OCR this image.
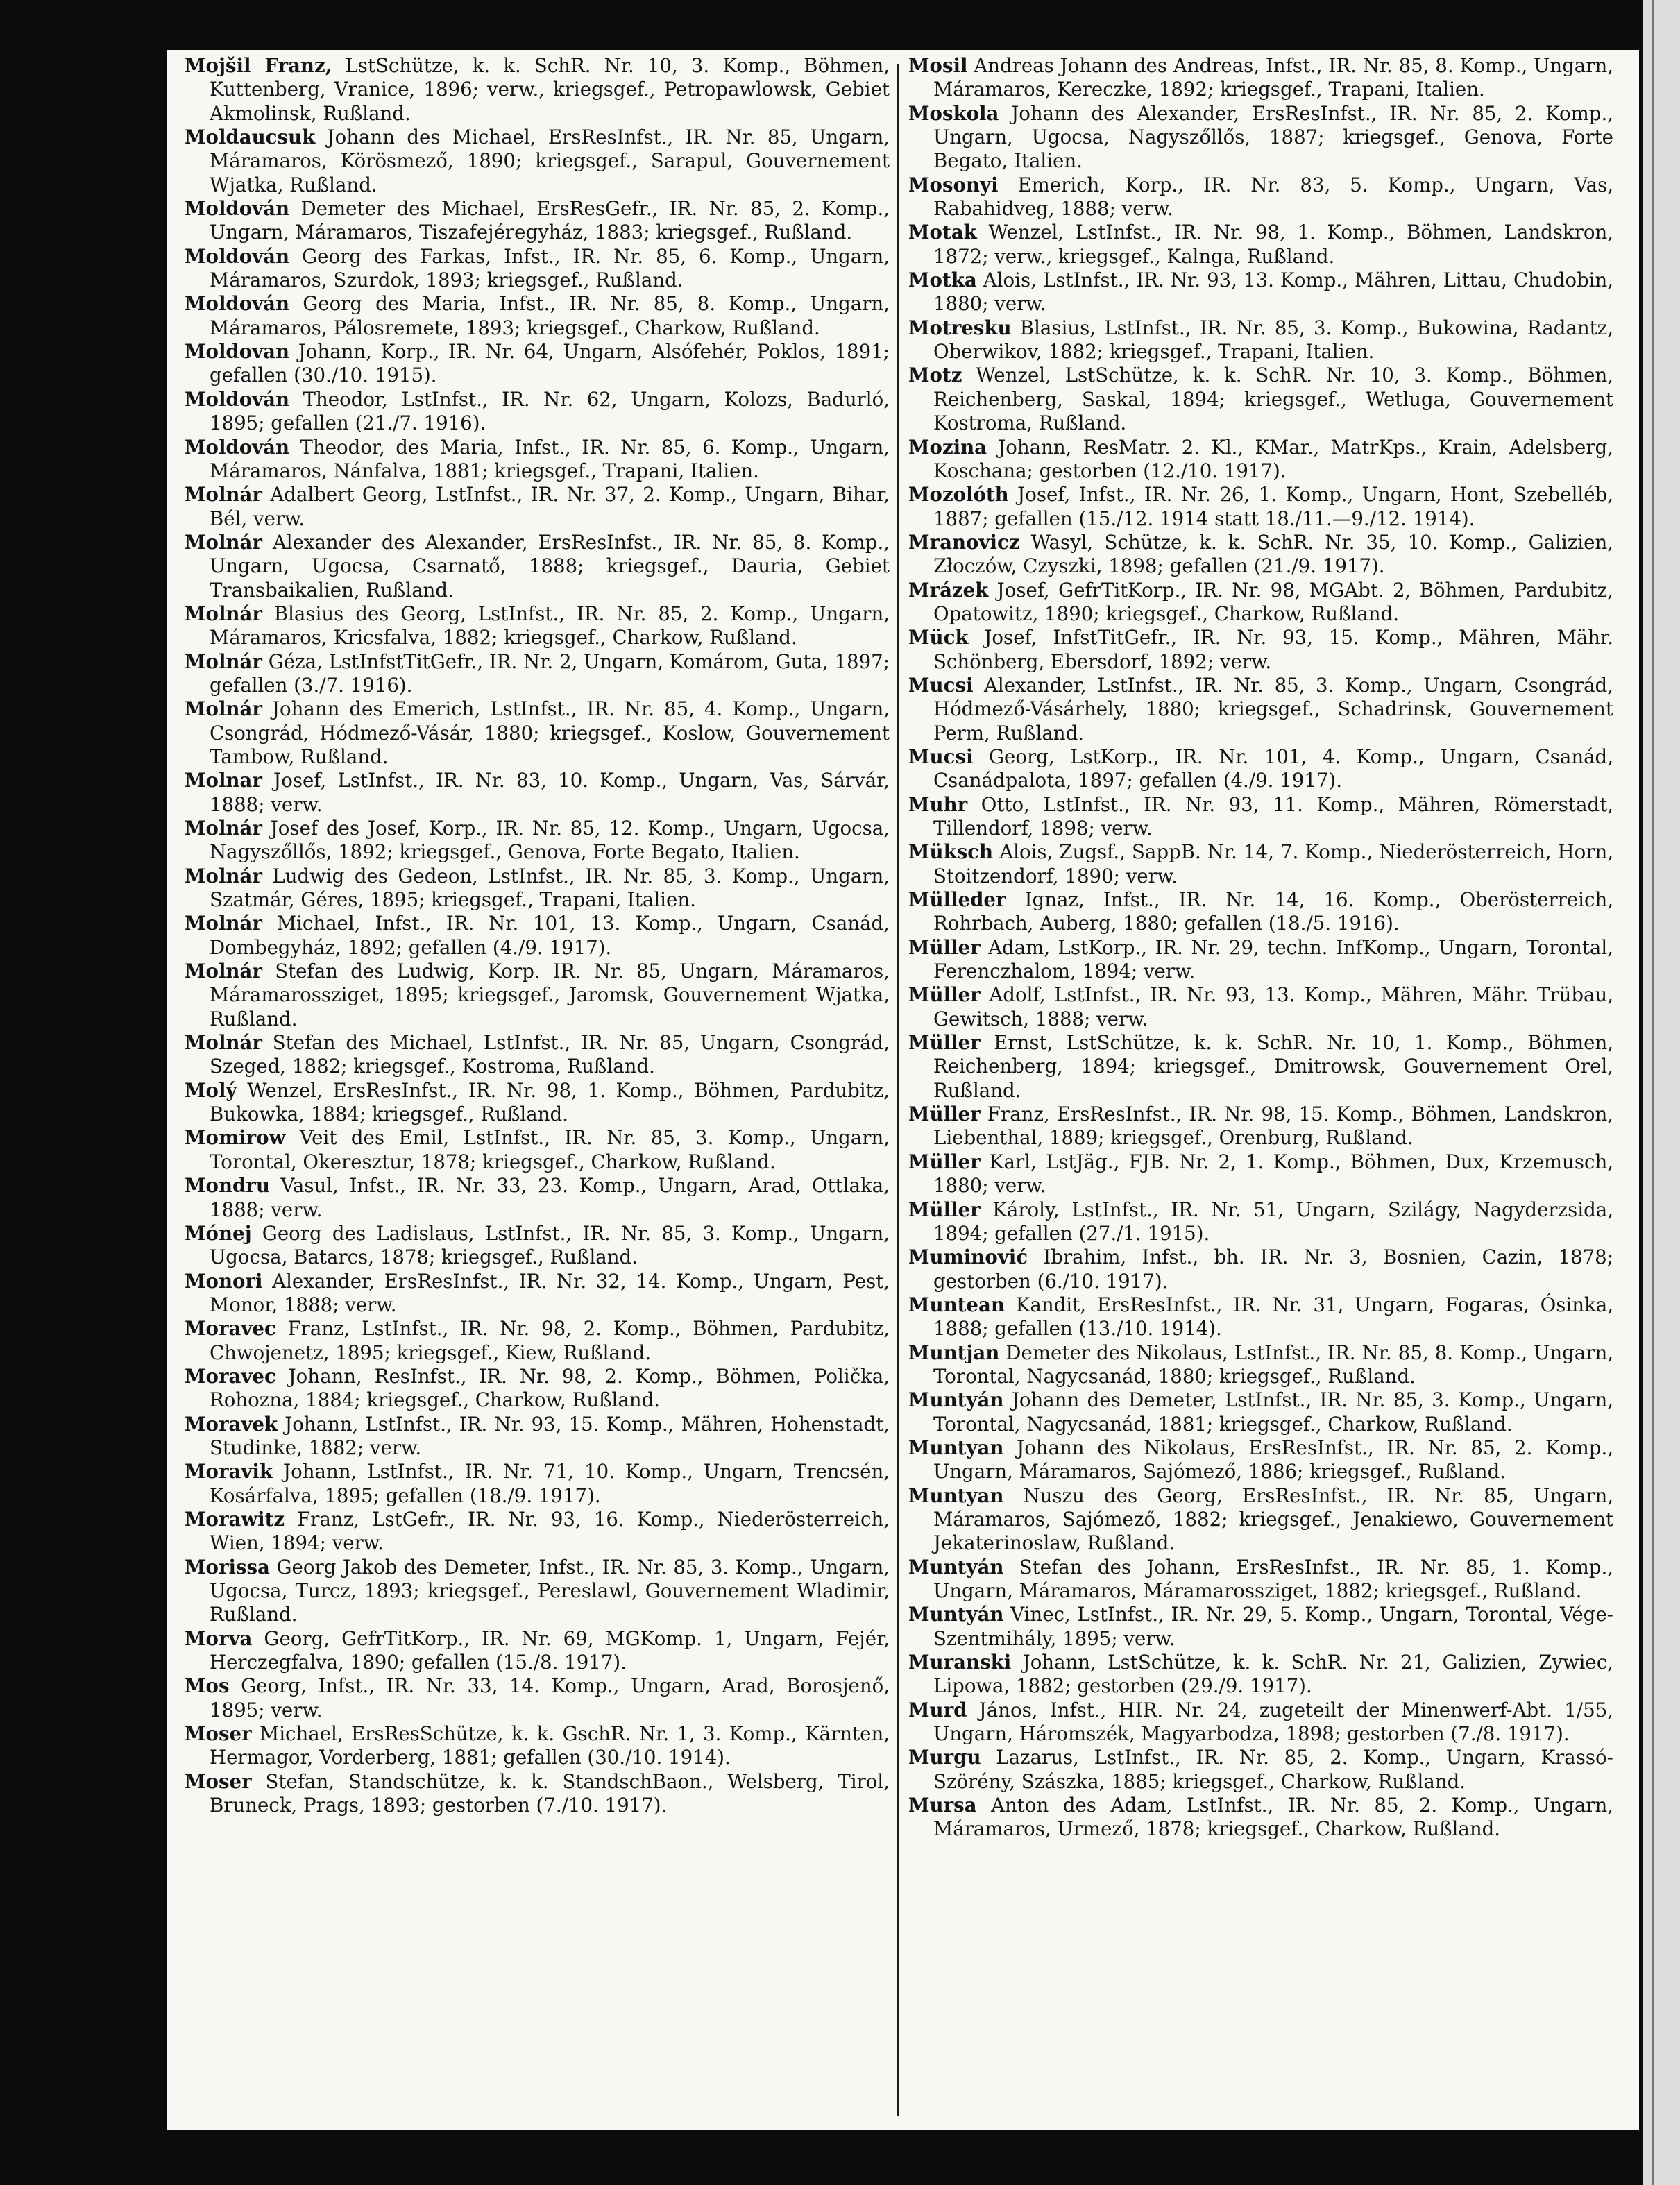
Mojšil Franz, LstSchütze, k. k. SchR. Nr. 10, 3. Komp., Böhmen, Kuttenberg, Vranice, 1896; verw., kriegsgef., Petropawlowsk, Gebiet Akmolinsk, Rußland.

Moldaucsuk Johann des Michael, ErsResInfst., IR. Nr. 85, Ungarn, Máramaros, Körösmező, 1890; kriegsgef., Sarapul, Gouvernement Wjatka, Rußland.

Moldován Demeter des Michael, ErsResGefr., IR. Nr. 85, 2. Komp., Ungarn, Máramaros, Tiszafejéregyház, 1883; kriegsgef., Rußland.

Moldován Georg des Farkas, Infst., IR. Nr. 85, 6. Komp., Ungarn, Máramaros, Szurdok, 1893; kriegsgef., Rußland.

Moldován Georg des Maria, Infst., IR. Nr. 85, 8. Komp., Ungarn, Máramaros, Pálosremete, 1893; kriegsgef., Charkow, Rußland.

Moldovan Johann, Korp., IR. Nr. 64, Ungarn, Alsófehér, Poklos, 1891; gefallen (30./10. 1915).

Moldován Theodor, LstInfst., IR. Nr. 62, Ungarn, Kolozs, Badurló, 1895; gefallen (21./7. 1916).

Moldován Theodor, des Maria, Infst., IR. Nr. 85, 6. Komp., Ungarn, Máramaros, Nánfalva, 1881; kriegsgef., Trapani, Italien.

Molnár Adalbert Georg, LstInfst., IR. Nr. 37, 2. Komp., Ungarn, Bihar, Bél, verw.

Molnár Alexander des Alexander, ErsResInfst., IR. Nr. 85, 8. Komp., Ungarn, Ugocsa, Csarnatő, 1888; kriegsgef., Dauria, Gebiet Transbaikalien, Rußland.

Molnár Blasius des Georg, LstInfst., IR. Nr. 85, 2. Komp., Ungarn, Máramaros, Kricsfalva, 1882; kriegsgef., Charkow, Rußland.

Molnár Géza, LstInfstTitGefr., IR. Nr. 2, Ungarn, Komárom, Guta, 1897; gefallen (3./7. 1916).

Molnár Johann des Emerich, LstInfst., IR. Nr. 85, 4. Komp., Ungarn, Csongrád, Hódmező-Vásár, 1880; kriegsgef., Koslow, Gouvernement Tambow, Rußland.

Molnar Josef, LstInfst., IR. Nr. 83, 10. Komp., Ungarn, Vas, Sárvár, 1888; verw.

Molnár Josef des Josef, Korp., IR. Nr. 85, 12. Komp., Ungarn, Ugocsa, Nagyszőllős, 1892; kriegsgef., Genova, Forte Begato, Italien.

Molnár Ludwig des Gedeon, LstInfst., IR. Nr. 85, 3. Komp., Ungarn, Szatmár, Géres, 1895; kriegsgef., Trapani, Italien.

Molnár Michael, Infst., IR. Nr. 101, 13. Komp., Ungarn, Csanád, Dombegyház, 1892; gefallen (4./9. 1917).

Molnár Stefan des Ludwig, Korp. IR. Nr. 85, Ungarn, Máramaros, Máramarossziget, 1895; kriegsgef., Jaromsk, Gouvernement Wjatka, Rußland.

Molnár Stefan des Michael, LstInfst., IR. Nr. 85, Ungarn, Csongrád, Szeged, 1882; kriegsgef., Kostroma, Rußland.

Molý Wenzel, ErsResInfst., IR. Nr. 98, 1. Komp., Böhmen, Pardubitz, Bukowka, 1884; kriegsgef., Rußland.

Momirow Veit des Emil, LstInfst., IR. Nr. 85, 3. Komp., Ungarn, Torontal, Okeresztur, 1878; kriegsgef., Charkow, Rußland.

Mondru Vasul, Infst., IR. Nr. 33, 23. Komp., Ungarn, Arad, Ottlaka, 1888; verw.

Mónej Georg des Ladislaus, LstInfst., IR. Nr. 85, 3. Komp., Ungarn, Ugocsa, Batarcs, 1878; kriegsgef., Rußland.

Monori Alexander, ErsResInfst., IR. Nr. 32, 14. Komp., Ungarn, Pest, Monor, 1888; verw.

Moravec Franz, LstInfst., IR. Nr. 98, 2. Komp., Böhmen, Pardubitz, Chwojenetz, 1895; kriegsgef., Kiew, Rußland.

Moravec Johann, ResInfst., IR. Nr. 98, 2. Komp., Böhmen, Polička, Rohozna, 1884; kriegsgef., Charkow, Rußland.

Moravek Johann, LstInfst., IR. Nr. 93, 15. Komp., Mähren, Hohenstadt, Studinke, 1882; verw.

Moravik Johann, LstInfst., IR. Nr. 71, 10. Komp., Ungarn, Trencsén, Kosárfalva, 1895; gefallen (18./9. 1917).

Morawitz Franz, LstGefr., IR. Nr. 93, 16. Komp., Niederösterreich, Wien, 1894; verw.

Morissa Georg Jakob des Demeter, Infst., IR. Nr. 85, 3. Komp., Ungarn, Ugocsa, Turcz, 1893; kriegsgef., Pereslawl, Gouvernement Wladimir, Rußland.

Morva Georg, GefrTitKorp., IR. Nr. 69, MGKomp. 1, Ungarn, Fejér, Herczegfalva, 1890; gefallen (15./8. 1917).

Mos Georg, Infst., IR. Nr. 33, 14. Komp., Ungarn, Arad, Borosjenő, 1895; verw.

Moser Michael, ErsResSchütze, k. k. GschR. Nr. 1, 3. Komp., Kärnten, Hermagor, Vorderberg, 1881; gefallen (30./10. 1914).

Moser Stefan, Standschütze, k. k. StandschBaon., Welsberg, Tirol, Bruneck, Prags, 1893; gestorben (7./10. 1917).

Mosil Andreas Johann des Andreas, Infst., IR. Nr. 85, 8. Komp., Ungarn, Máramaros, Kereczke, 1892; kriegsgef., Trapani, Italien.

Moskola Johann des Alexander, ErsResInfst., IR. Nr. 85, 2. Komp., Ungarn, Ugocsa, Nagyszőllős, 1887; kriegsgef., Genova, Forte Begato, Italien.

Mosonyi Emerich, Korp., IR. Nr. 83, 5. Komp., Ungarn, Vas, Rabahidveg, 1888; verw.

Motak Wenzel, LstInfst., IR. Nr. 98, 1. Komp., Böhmen, Landskron, 1872; verw., kriegsgef., Kalnga, Rußland.

Motka Alois, LstInfst., IR. Nr. 93, 13. Komp., Mähren, Littau, Chudobin, 1880; verw.

Motresku Blasius, LstInfst., IR. Nr. 85, 3. Komp., Bukowina, Radantz, Oberwikov, 1882; kriegsgef., Trapani, Italien.

Motz Wenzel, LstSchütze, k. k. SchR. Nr. 10, 3. Komp., Böhmen, Reichenberg, Saskal, 1894; kriegsgef., Wetluga, Gouvernement Kostroma, Rußland.

Mozina Johann, ResMatr. 2. Kl., KMar., MatrKps., Krain, Adelsberg, Koschana; gestorben (12./10. 1917).

Mozolóth Josef, Infst., IR. Nr. 26, 1. Komp., Ungarn, Hont, Szebelléb, 1887; gefallen (15./12. 1914 statt 18./11.—9./12. 1914).

Mranovicz Wasyl, Schütze, k. k. SchR. Nr. 35, 10. Komp., Galizien, Złoczów, Czyszki, 1898; gefallen (21./9. 1917).

Mrázek Josef, GefrTitKorp., IR. Nr. 98, MGAbt. 2, Böhmen, Pardubitz, Opatowitz, 1890; kriegsgef., Charkow, Rußland.

Mück Josef, InfstTitGefr., IR. Nr. 93, 15. Komp., Mähren, Mähr. Schönberg, Ebersdorf, 1892; verw.

Mucsi Alexander, LstInfst., IR. Nr. 85, 3. Komp., Ungarn, Csongrád, Hódmező-Vásárhely, 1880; kriegsgef., Schadrinsk, Gouvernement Perm, Rußland.

Mucsi Georg, LstKorp., IR. Nr. 101, 4. Komp., Ungarn, Csanád, Csanádpalota, 1897; gefallen (4./9. 1917).

Muhr Otto, LstInfst., IR. Nr. 93, 11. Komp., Mähren, Römerstadt, Tillendorf, 1898; verw.

Müksch Alois, Zugsf., SappB. Nr. 14, 7. Komp., Niederösterreich, Horn, Stoitzendorf, 1890; verw.

Mülleder Ignaz, Infst., IR. Nr. 14, 16. Komp., Oberösterreich, Rohrbach, Auberg, 1880; gefallen (18./5. 1916).

Müller Adam, LstKorp., IR. Nr. 29, techn. InfKomp., Ungarn, Torontal, Ferenczhalom, 1894; verw.

Müller Adolf, LstInfst., IR. Nr. 93, 13. Komp., Mähren, Mähr. Trübau, Gewitsch, 1888; verw.

Müller Ernst, LstSchütze, k. k. SchR. Nr. 10, 1. Komp., Böhmen, Reichenberg, 1894; kriegsgef., Dmitrowsk, Gouvernement Orel, Rußland.

Müller Franz, ErsResInfst., IR. Nr. 98, 15. Komp., Böhmen, Landskron, Liebenthal, 1889; kriegsgef., Orenburg, Rußland.

Müller Karl, LstJäg., FJB. Nr. 2, 1. Komp., Böhmen, Dux, Krzemusch, 1880; verw.

Müller Károly, LstInfst., IR. Nr. 51, Ungarn, Szilágy, Nagyderzsida, 1894; gefallen (27./1. 1915).

Muminović Ibrahim, Infst., bh. IR. Nr. 3, Bosnien, Cazin, 1878; gestorben (6./10. 1917).

Muntean Kandit, ErsResInfst., IR. Nr. 31, Ungarn, Fogaras, Ósinka, 1888; gefallen (13./10. 1914).

Muntjan Demeter des Nikolaus, LstInfst., IR. Nr. 85, 8. Komp., Ungarn, Torontal, Nagycsanád, 1880; kriegsgef., Rußland.

Muntyán Johann des Demeter, LstInfst., IR. Nr. 85, 3. Komp., Ungarn, Torontal, Nagycsanád, 1881; kriegsgef., Charkow, Rußland.

Muntyan Johann des Nikolaus, ErsResInfst., IR. Nr. 85, 2. Komp., Ungarn, Máramaros, Sajómező, 1886; kriegsgef., Rußland.

Muntyan Nuszu des Georg, ErsResInfst., IR. Nr. 85, Ungarn, Máramaros, Sajómező, 1882; kriegsgef., Jenakiewo, Gouvernement Jekaterinoslaw, Rußland.

Muntyán Stefan des Johann, ErsResInfst., IR. Nr. 85, 1. Komp., Ungarn, Máramaros, Máramarossziget, 1882; kriegsgef., Rußland.

Muntyán Vinec, LstInfst., IR. Nr. 29, 5. Komp., Ungarn, Torontal, Vége-Szentmihály, 1895; verw.

Muranski Johann, LstSchütze, k. k. SchR. Nr. 21, Galizien, Zywiec, Lipowa, 1882; gestorben (29./9. 1917).

Murd János, Infst., HIR. Nr. 24, zugeteilt der Minenwerf-Abt. 1/55, Ungarn, Háromszék, Magyarbodza, 1898; gestorben (7./8. 1917).

Murgu Lazarus, LstInfst., IR. Nr. 85, 2. Komp., Ungarn, Krassó-Szörény, Szászka, 1885; kriegsgef., Charkow, Rußland.

Mursa Anton des Adam, LstInfst., IR. Nr. 85, 2. Komp., Ungarn, Máramaros, Urmező, 1878; kriegsgef., Charkow, Rußland.
